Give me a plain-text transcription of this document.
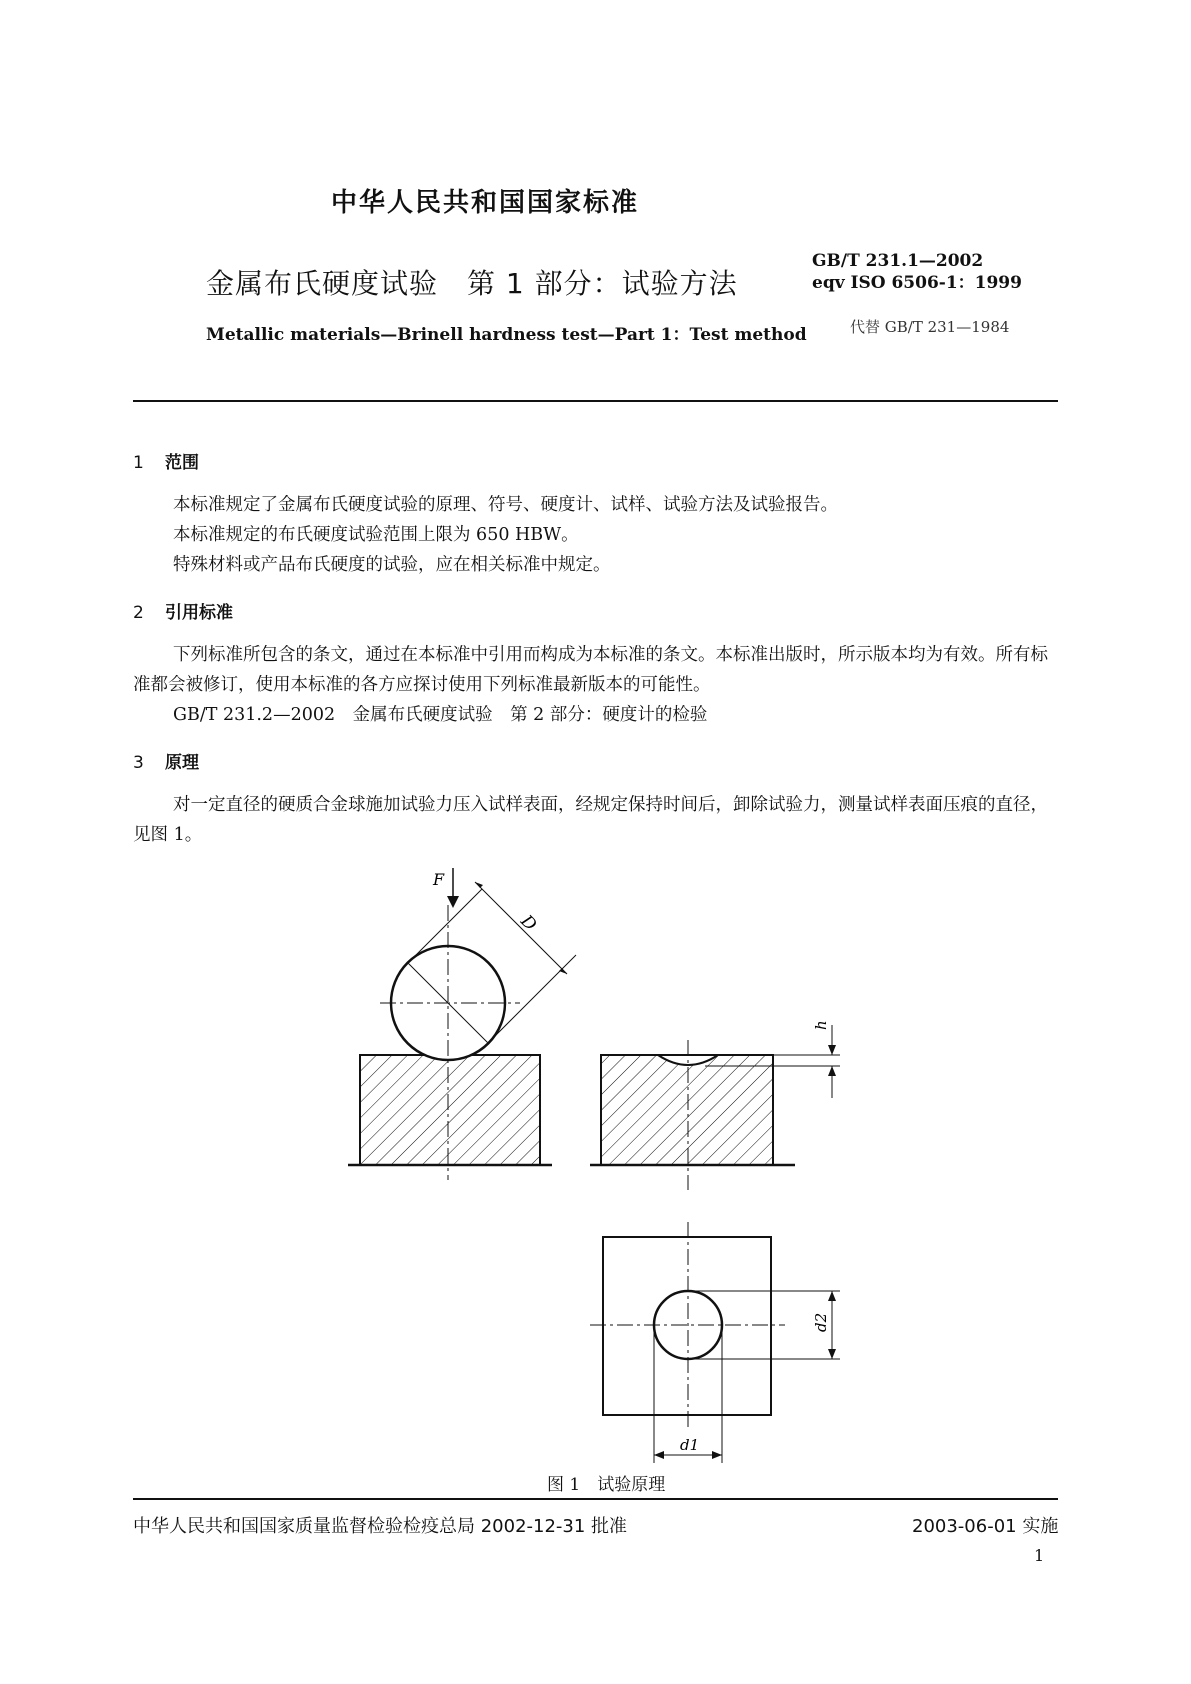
中华人民共和国国家标准
金属布氏硬度试验　第 1 部分：试验方法
Metallic materials—Brinell hardness test—Part 1：Test method
GB/T 231.1—2002
eqv ISO 6506-1：1999
代替 GB/T 231—1984
1 范围
本标准规定了金属布氏硬度试验的原理、符号、硬度计、试样、试验方法及试验报告。
本标准规定的布氏硬度试验范围上限为 650 HBW。
特殊材料或产品布氏硬度的试验，应在相关标准中规定。
2 引用标准
下列标准所包含的条文，通过在本标准中引用而构成为本标准的条文。本标准出版时，所示版本均为有效。所有标准都会被修订，使用本标准的各方应探讨使用下列标准最新版本的可能性。
GB/T 231.2—2002　金属布氏硬度试验　第 2 部分：硬度计的检验
3 原理
对一定直径的硬质合金球施加试验力压入试样表面，经规定保持时间后，卸除试验力，测量试样表面压痕的直径，见图 1。
D
F
h
d2
d1
图 1　试验原理
中华人民共和国国家质量监督检验检疫总局 2002-12-31 批准	2003-06-01 实施
1
